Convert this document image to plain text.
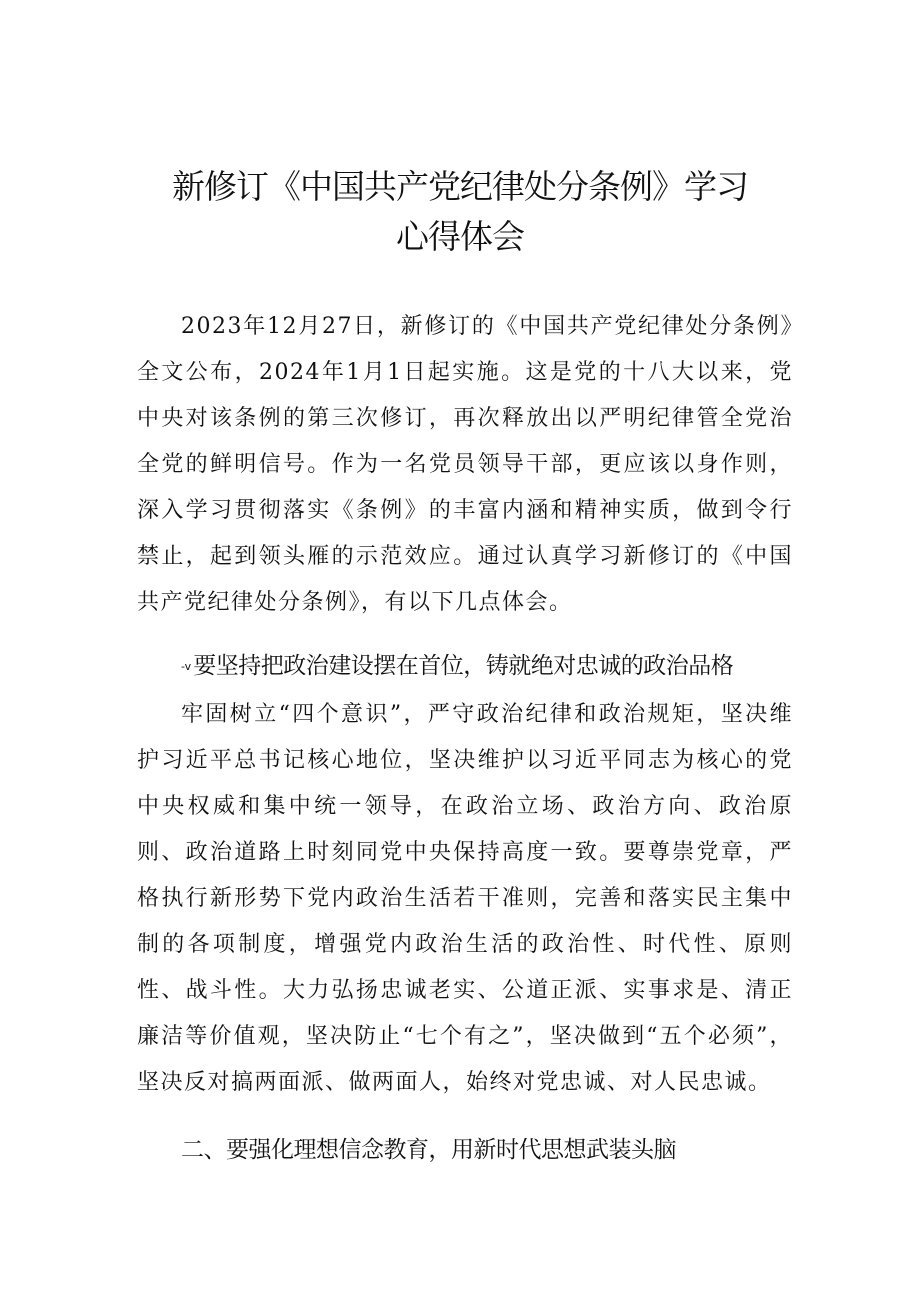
新修订《中国共产党纪律处分条例》学习
心得体会

2023年12月27日，新修订的《中国共产党纪律处分条例》全文公布，2024年1月1日起实施。这是党的十八大以来，党中央对该条例的第三次修订，再次释放出以严明纪律管全党治全党的鲜明信号。作为一名党员领导干部，更应该以身作则，深入学习贯彻落实《条例》的丰富内涵和精神实质，做到令行禁止，起到领头雁的示范效应。通过认真学习新修订的《中国共产党纪律处分条例》，有以下几点体会。

-v要坚持把政治建设摆在首位，铸就绝对忠诚的政治品格

牢固树立“四个意识”，严守政治纪律和政治规矩，坚决维护习近平总书记核心地位，坚决维护以习近平同志为核心的党中央权威和集中统一领导，在政治立场、政治方向、政治原则、政治道路上时刻同党中央保持高度一致。要尊崇党章，严格执行新形势下党内政治生活若干准则，完善和落实民主集中制的各项制度，增强党内政治生活的政治性、时代性、原则性、战斗性。大力弘扬忠诚老实、公道正派、实事求是、清正廉洁等价值观，坚决防止“七个有之”，坚决做到“五个必须”，坚决反对搞两面派、做两面人，始终对党忠诚、对人民忠诚。

二、要强化理想信念教育，用新时代思想武装头脑
